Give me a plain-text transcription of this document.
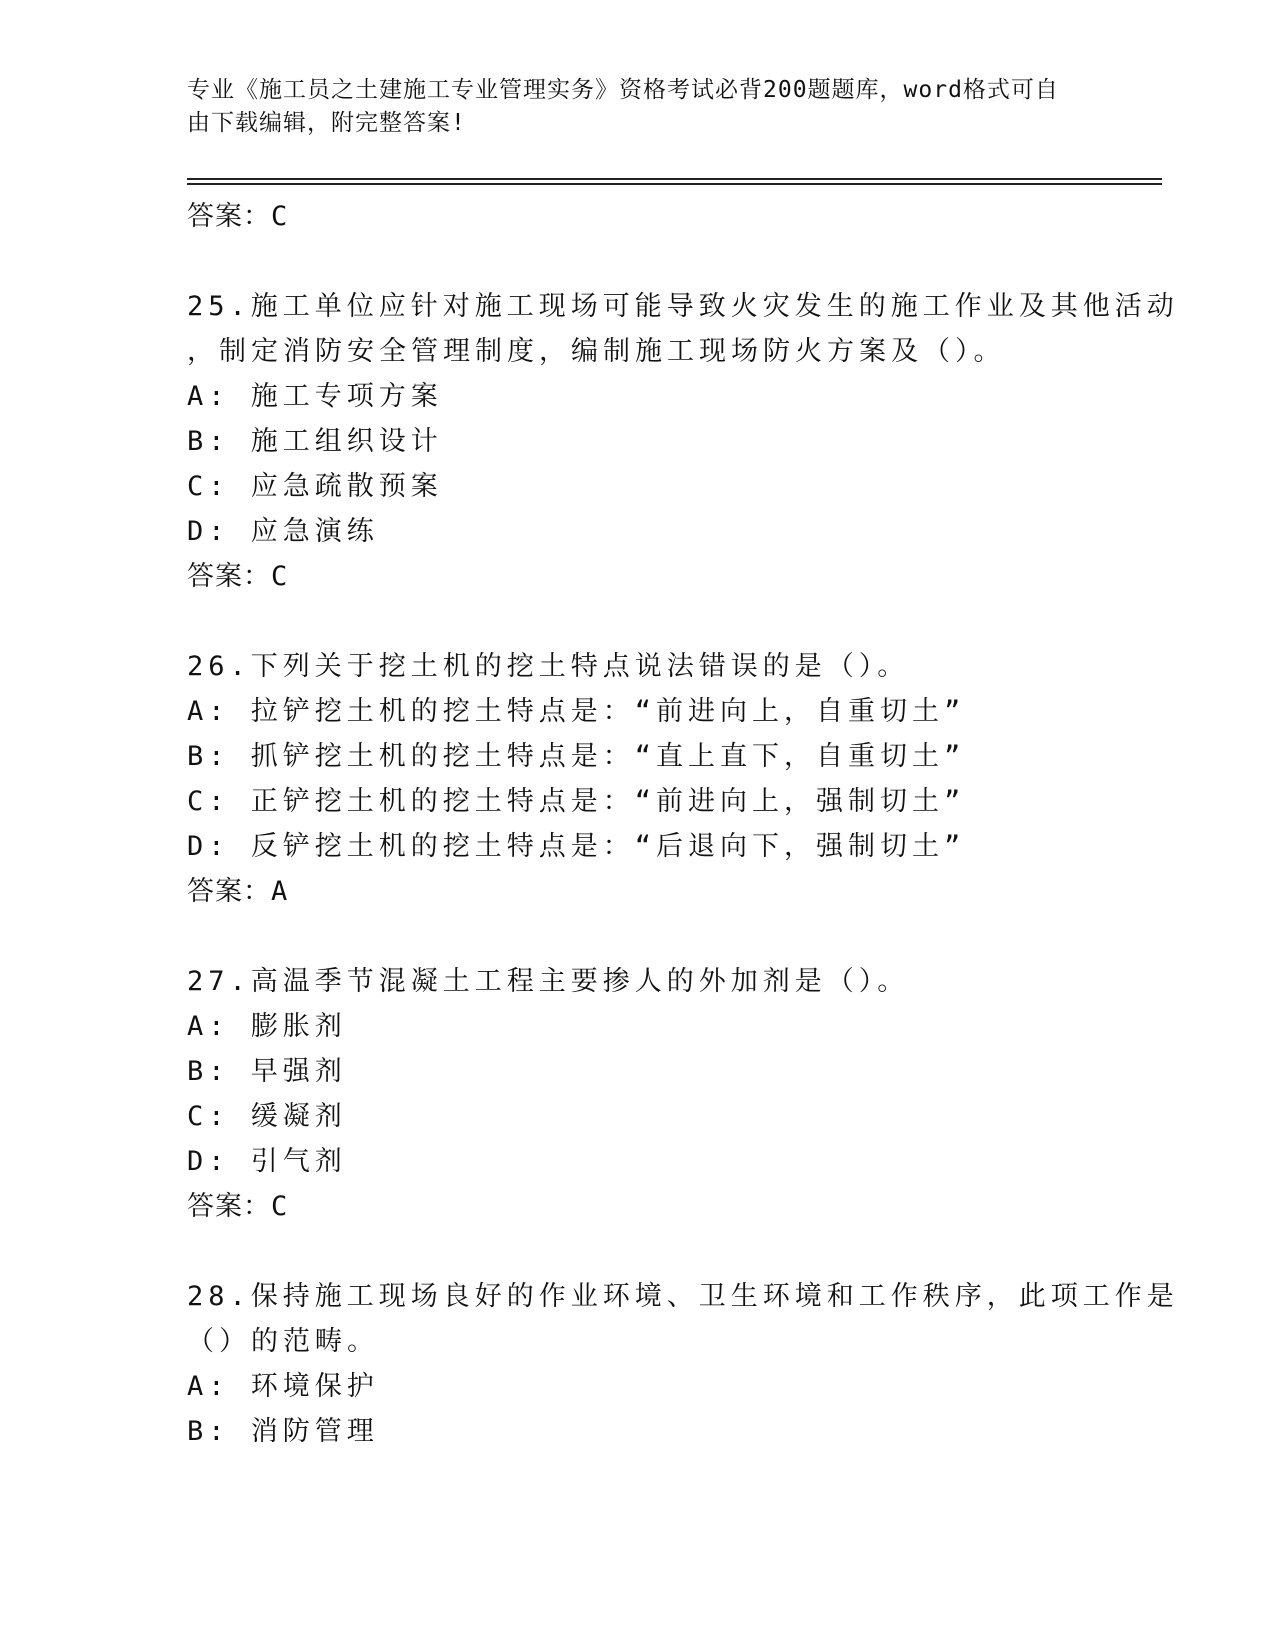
专业《施工员之土建施工专业管理实务》资格考试必背200题题库，word格式可自由下载编辑，附完整答案!
答案：C
25.施工单位应针对施工现场可能导致火灾发生的施工作业及其他活动
，制定消防安全管理制度，编制施工现场防火方案及（）。
A: 施工专项方案
B: 施工组织设计
C: 应急疏散预案
D: 应急演练
答案：C
26.下列关于挖土机的挖土特点说法错误的是（）。
A: 拉铲挖土机的挖土特点是：“前进向上，自重切土”
B: 抓铲挖土机的挖土特点是：“直上直下，自重切土”
C: 正铲挖土机的挖土特点是：“前进向上，强制切土”
D: 反铲挖土机的挖土特点是：“后退向下，强制切土”
答案：A
27.高温季节混凝土工程主要掺人的外加剂是（）。
A: 膨胀剂
B: 早强剂
C: 缓凝剂
D: 引气剂
答案：C
28.保持施工现场良好的作业环境、卫生环境和工作秩序，此项工作是
（）的范畴。
A: 环境保护
B: 消防管理
